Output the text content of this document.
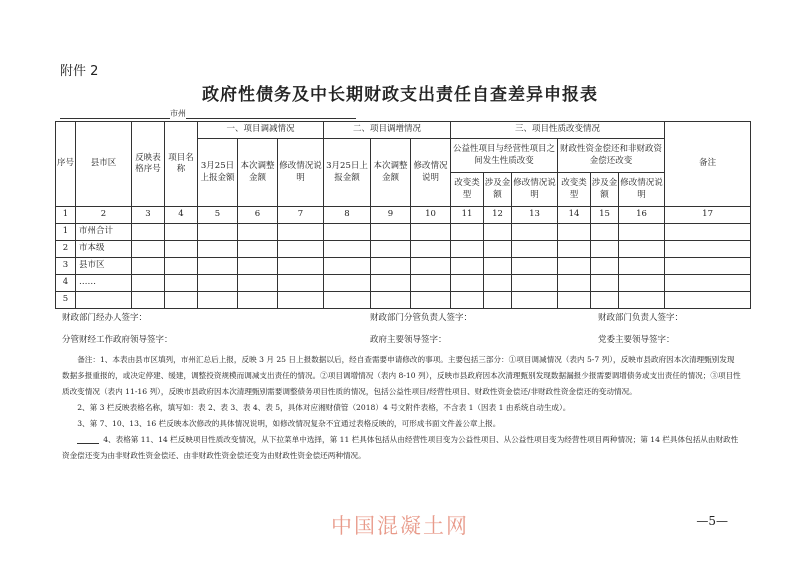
附件 2
政府性债务及中长期财政支出责任自查差异申报表
市州
序号	县市区	反映表格序号	项目名称	一、项目调减情况			二、项目调增情况			三、项目性质改变情况						备注
				3月25日上报金额	本次调整金额	修改情况说明	3月25日上报金额	本次调整金额	修改情况说明	公益性项目与经营性项目之间发生性质改变			财政性资金偿还和非财政资金偿还改变			
										改变类型	涉及金额	修改情况说明	改变类型	涉及金额	修改情况说明	
1	2	3	4	5	6	7	8	9	10	11	12	13	14	15	16	17
1	市州合计															
2	市本级															
3	县市区															
4	……															
5																
财政部门经办人签字：	财政部门分管负责人签字：	财政部门负责人签字：
分管财经工作政府领导签字：	政府主要领导签字：	党委主要领导签字：

备注：1、本表由县市区填列，市州汇总后上报，反映 3 月 25 日上报数据以后，经自查需要申请修改的事项。主要包括三部分：①项目调减情况（表内 5-7 列），反映市县政府因本次清理甄别发现数据多报重报的，或决定停建、缓建，调整投资规模而调减支出责任的情况。②项目调增情况（表内 8-10 列），反映市县政府因本次清理甄别发现数据漏报少报需要调增债务或支出责任的情况；③项目性质改变情况（表内 11-16 列），反映市县政府因本次清理甄别需要调整债务项目性质的情况，包括公益性项目/经营性项目、财政性资金偿还/非财政性资金偿还的变动情况。

2、第 3 栏反映表格名称，填写如：表 2、表 3、表 4、表 5，具体对应湘财债管（2018）4 号文附件表格，不含表 1（因表 1 由系统自动生成）。

3、第 7、10、13、16 栏反映本次修改的具体情况说明，如修改情况复杂不宜通过表格反映的，可形成书面文件盖公章上报。

4、表格第 11、14 栏反映项目性质改变情况，从下拉菜单中选择，第 11 栏具体包括从由经营性项目变为公益性项目、从公益性项目变为经营性项目两种情况；第 14 栏具体包括从由财政性资金偿还变为由非财政性资金偿还、由非财政性资金偿还变为由财政性资金偿还两种情况。

中国混凝土网	—5—
